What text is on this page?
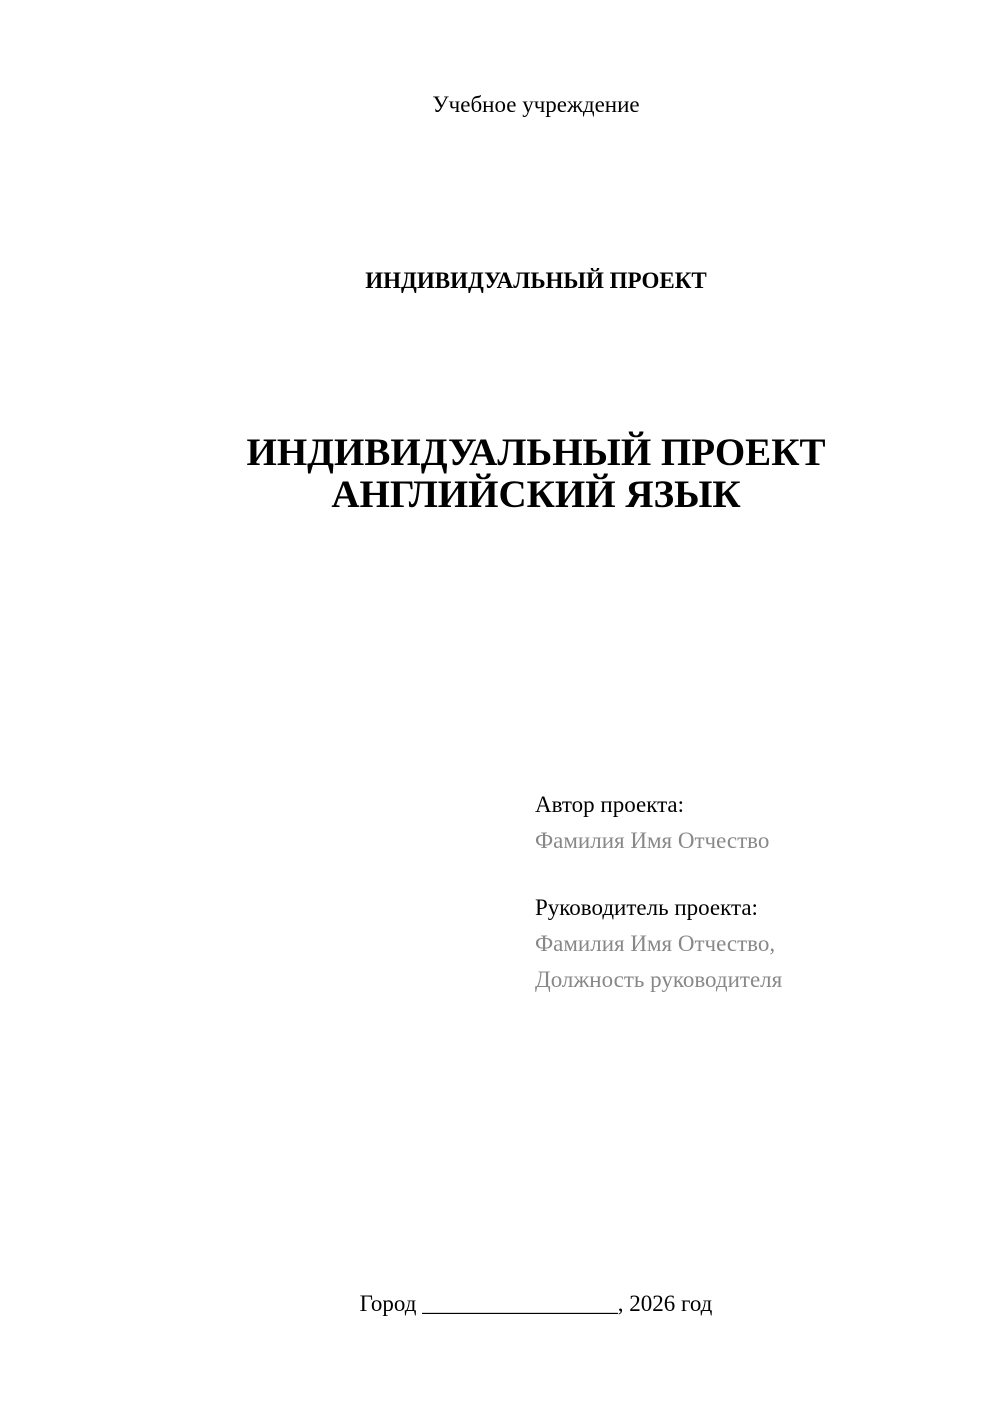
Учебное учреждение
ИНДИВИДУАЛЬНЫЙ ПРОЕКТ
ИНДИВИДУАЛЬНЫЙ ПРОЕКТ
АНГЛИЙСКИЙ ЯЗЫК
Автор проекта:
Фамилия Имя Отчество
Руководитель проекта:
Фамилия Имя Отчество,
Должность руководителя
Город _________________, 2026 год
